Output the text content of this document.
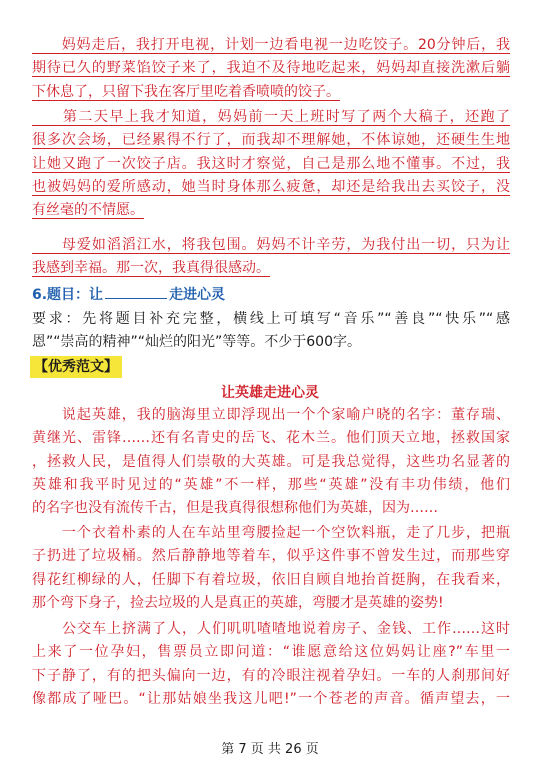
　　妈妈走后，我打开电视，计划一边看电视一边吃饺子。20分钟后，我
期待已久的野菜馅饺子来了，我迫不及待地吃起来，妈妈却直接洗漱后躺
下休息了，只留下我在客厅里吃着香喷喷的饺子。
　　第二天早上我才知道，妈妈前一天上班时写了两个大稿子，还跑了
很多次会场，已经累得不行了，而我却不理解她，不体谅她，还硬生生地
让她又跑了一次饺子店。我这时才察觉，自己是那么地不懂事。不过，我
也被妈妈的爱所感动，她当时身体那么疲惫，却还是给我出去买饺子，没
有丝毫的不情愿。
　　母爱如滔滔江水，将我包围。妈妈不计辛劳，为我付出一切，只为让
我感到幸福。那一次，我真得很感动。
6.题目：让	走进心灵
要求：先将题目补充完整，横线上可填写“音乐”“善良”“快乐”“感
恩”“崇高的精神”“灿烂的阳光”等等。不少于600字。
【优秀范文】
让英雄走进心灵
　　说起英雄，我的脑海里立即浮现出一个个家喻户晓的名字：董存瑞、
黄继光、雷锋……还有名青史的岳飞、花木兰。他们顶天立地，拯救国家
，拯救人民，是值得人们崇敬的大英雄。可是我总觉得，这些功名显著的
英雄和我平时见过的“英雄”不一样，那些“英雄”没有丰功伟绩，他们
的名字也没有流传千古，但是我真得很想称他们为英雄，因为……
　　一个衣着朴素的人在车站里弯腰捡起一个空饮料瓶，走了几步，把瓶
子扔进了垃圾桶。然后静静地等着车，似乎这件事不曾发生过，而那些穿
得花红柳绿的人，任脚下有着垃圾，依旧自顾自地抬首挺胸，在我看来，
那个弯下身子，捡去垃圾的人是真正的英雄，弯腰才是英雄的姿势!
　　公交车上挤满了人，人们叽叽喳喳地说着房子、金钱、工作……这时
上来了一位孕妇，售票员立即问道：“谁愿意给这位妈妈让座?”车里一
下子静了，有的把头偏向一边，有的冷眼注视着孕妇。一车的人刹那间好
像都成了哑巴。“让那姑娘坐我这儿吧!”一个苍老的声音。循声望去，一
第 7 页 共 26 页
